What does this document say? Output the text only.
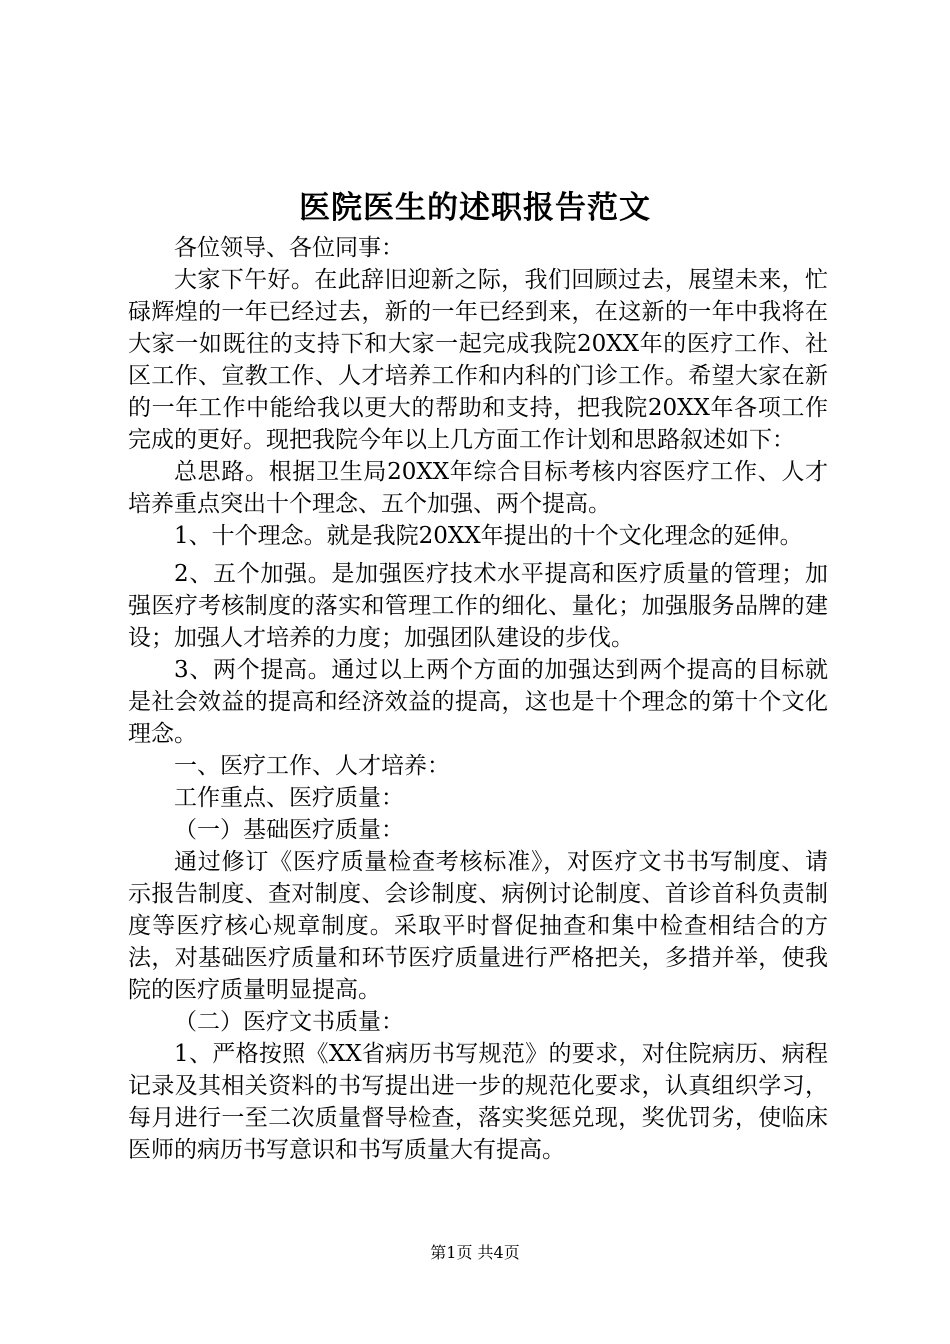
医院医生的述职报告范文

各位领导、各位同事：

大家下午好。在此辞旧迎新之际，我们回顾过去，展望未来，忙碌辉煌的一年已经过去，新的一年已经到来，在这新的一年中我将在大家一如既往的支持下和大家一起完成我院20XX年的医疗工作、社区工作、宣教工作、人才培养工作和内科的门诊工作。希望大家在新的一年工作中能给我以更大的帮助和支持，把我院20XX年各项工作完成的更好。现把我院今年以上几方面工作计划和思路叙述如下：

总思路。根据卫生局20XX年综合目标考核内容医疗工作、人才培养重点突出十个理念、五个加强、两个提高。

1、十个理念。就是我院20XX年提出的十个文化理念的延伸。

2、五个加强。是加强医疗技术水平提高和医疗质量的管理；加强医疗考核制度的落实和管理工作的细化、量化；加强服务品牌的建设；加强人才培养的力度；加强团队建设的步伐。

3、两个提高。通过以上两个方面的加强达到两个提高的目标就是社会效益的提高和经济效益的提高，这也是十个理念的第十个文化理念。

一、医疗工作、人才培养：

工作重点、医疗质量：

（一）基础医疗质量：

通过修订《医疗质量检查考核标准》，对医疗文书书写制度、请示报告制度、查对制度、会诊制度、病例讨论制度、首诊首科负责制度等医疗核心规章制度。采取平时督促抽查和集中检查相结合的方法，对基础医疗质量和环节医疗质量进行严格把关，多措并举，使我院的医疗质量明显提高。

（二）医疗文书质量：

1、严格按照《XX省病历书写规范》的要求，对住院病历、病程记录及其相关资料的书写提出进一步的规范化要求，认真组织学习，每月进行一至二次质量督导检查，落实奖惩兑现，奖优罚劣，使临床医师的病历书写意识和书写质量大有提高。

第1页 共4页
